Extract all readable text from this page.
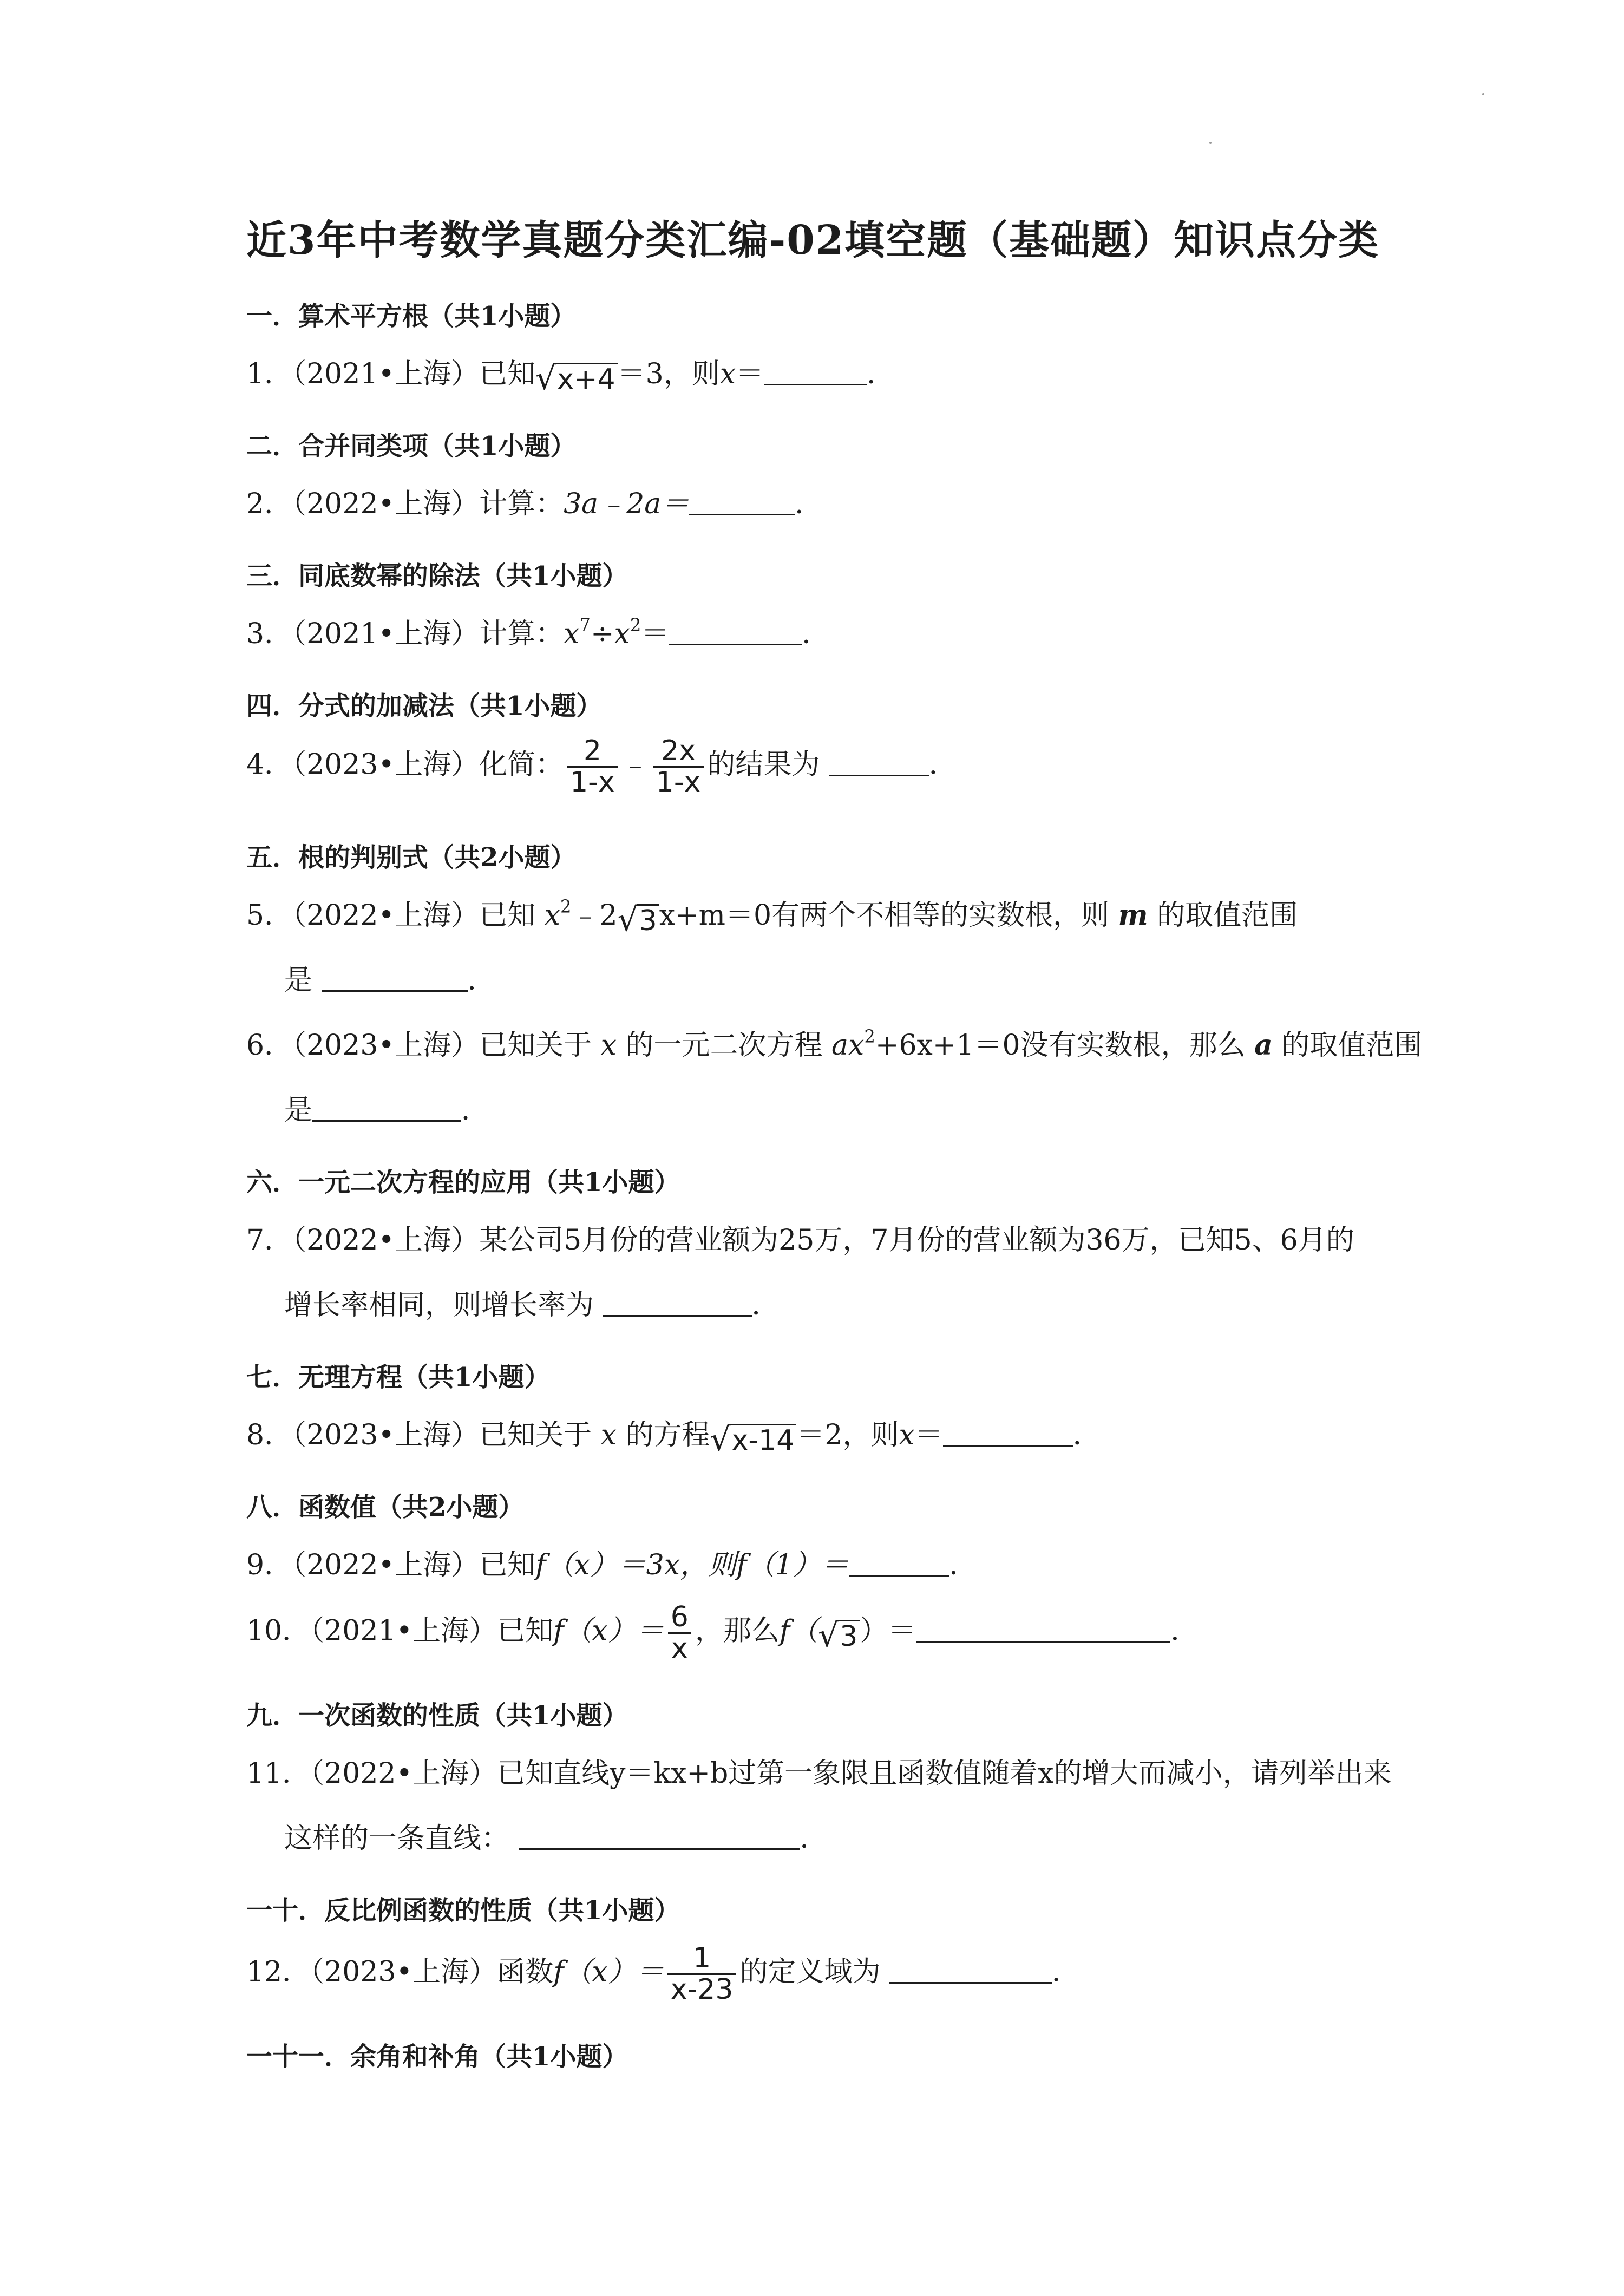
近3年中考数学真题分类汇编-02填空题（基础题）知识点分类
一．算术平方根（共1小题）
1．（2021•上海）已知 √ x+4 ＝3，则x＝	．
二．合并同类项（共1小题）
2．（2022•上海）计算：3a﹣2a＝	．
三．同底数幂的除法（共1小题）
3．（2021•上海）计算：$x^7\div x^2=$	．
四．分式的加减法（共1小题）
4．（2023•上海）化简： $\frac{2}{1-x}$ ﹣ $\frac{2x}{1-x}$ 的结果为	．
五．根的判别式（共2小题）
5．（2022•上海）已知 $x^2﹣2$ √ 3 x+m＝0有两个不相等的实数根，则 m 的取值范围
是	．
6．（2023•上海）已知关于 x 的一元二次方程 $ax^2+6x+1=0$没有实数根，那么 a 的取值范围
是	．
六．一元二次方程的应用（共1小题）
7．（2022•上海）某公司5月份的营业额为25万，7月份的营业额为36万，已知5、6月的
增长率相同，则增长率为	．
七．无理方程（共1小题）
8．（2023•上海）已知关于 x 的方程 √ x-14 ＝2，则x＝	．
八．函数值（共2小题）
9．（2022•上海）已知f（x）＝3x，则f（1）＝	．
10．（2021•上海）已知$f(x)= \frac{6}{x}$ ，那么f（ √ 3 ）＝	．
九．一次函数的性质（共1小题）
11．（2022•上海）已知直线y＝kx+b过第一象限且函数值随着x的增大而减小，请列举出来
这样的一条直线：	．
一十．反比例函数的性质（共1小题）
12．（2023•上海）函数$f(x)= \frac{1}{x-23}$ 的定义域为	．
一十一．余角和补角（共1小题）
